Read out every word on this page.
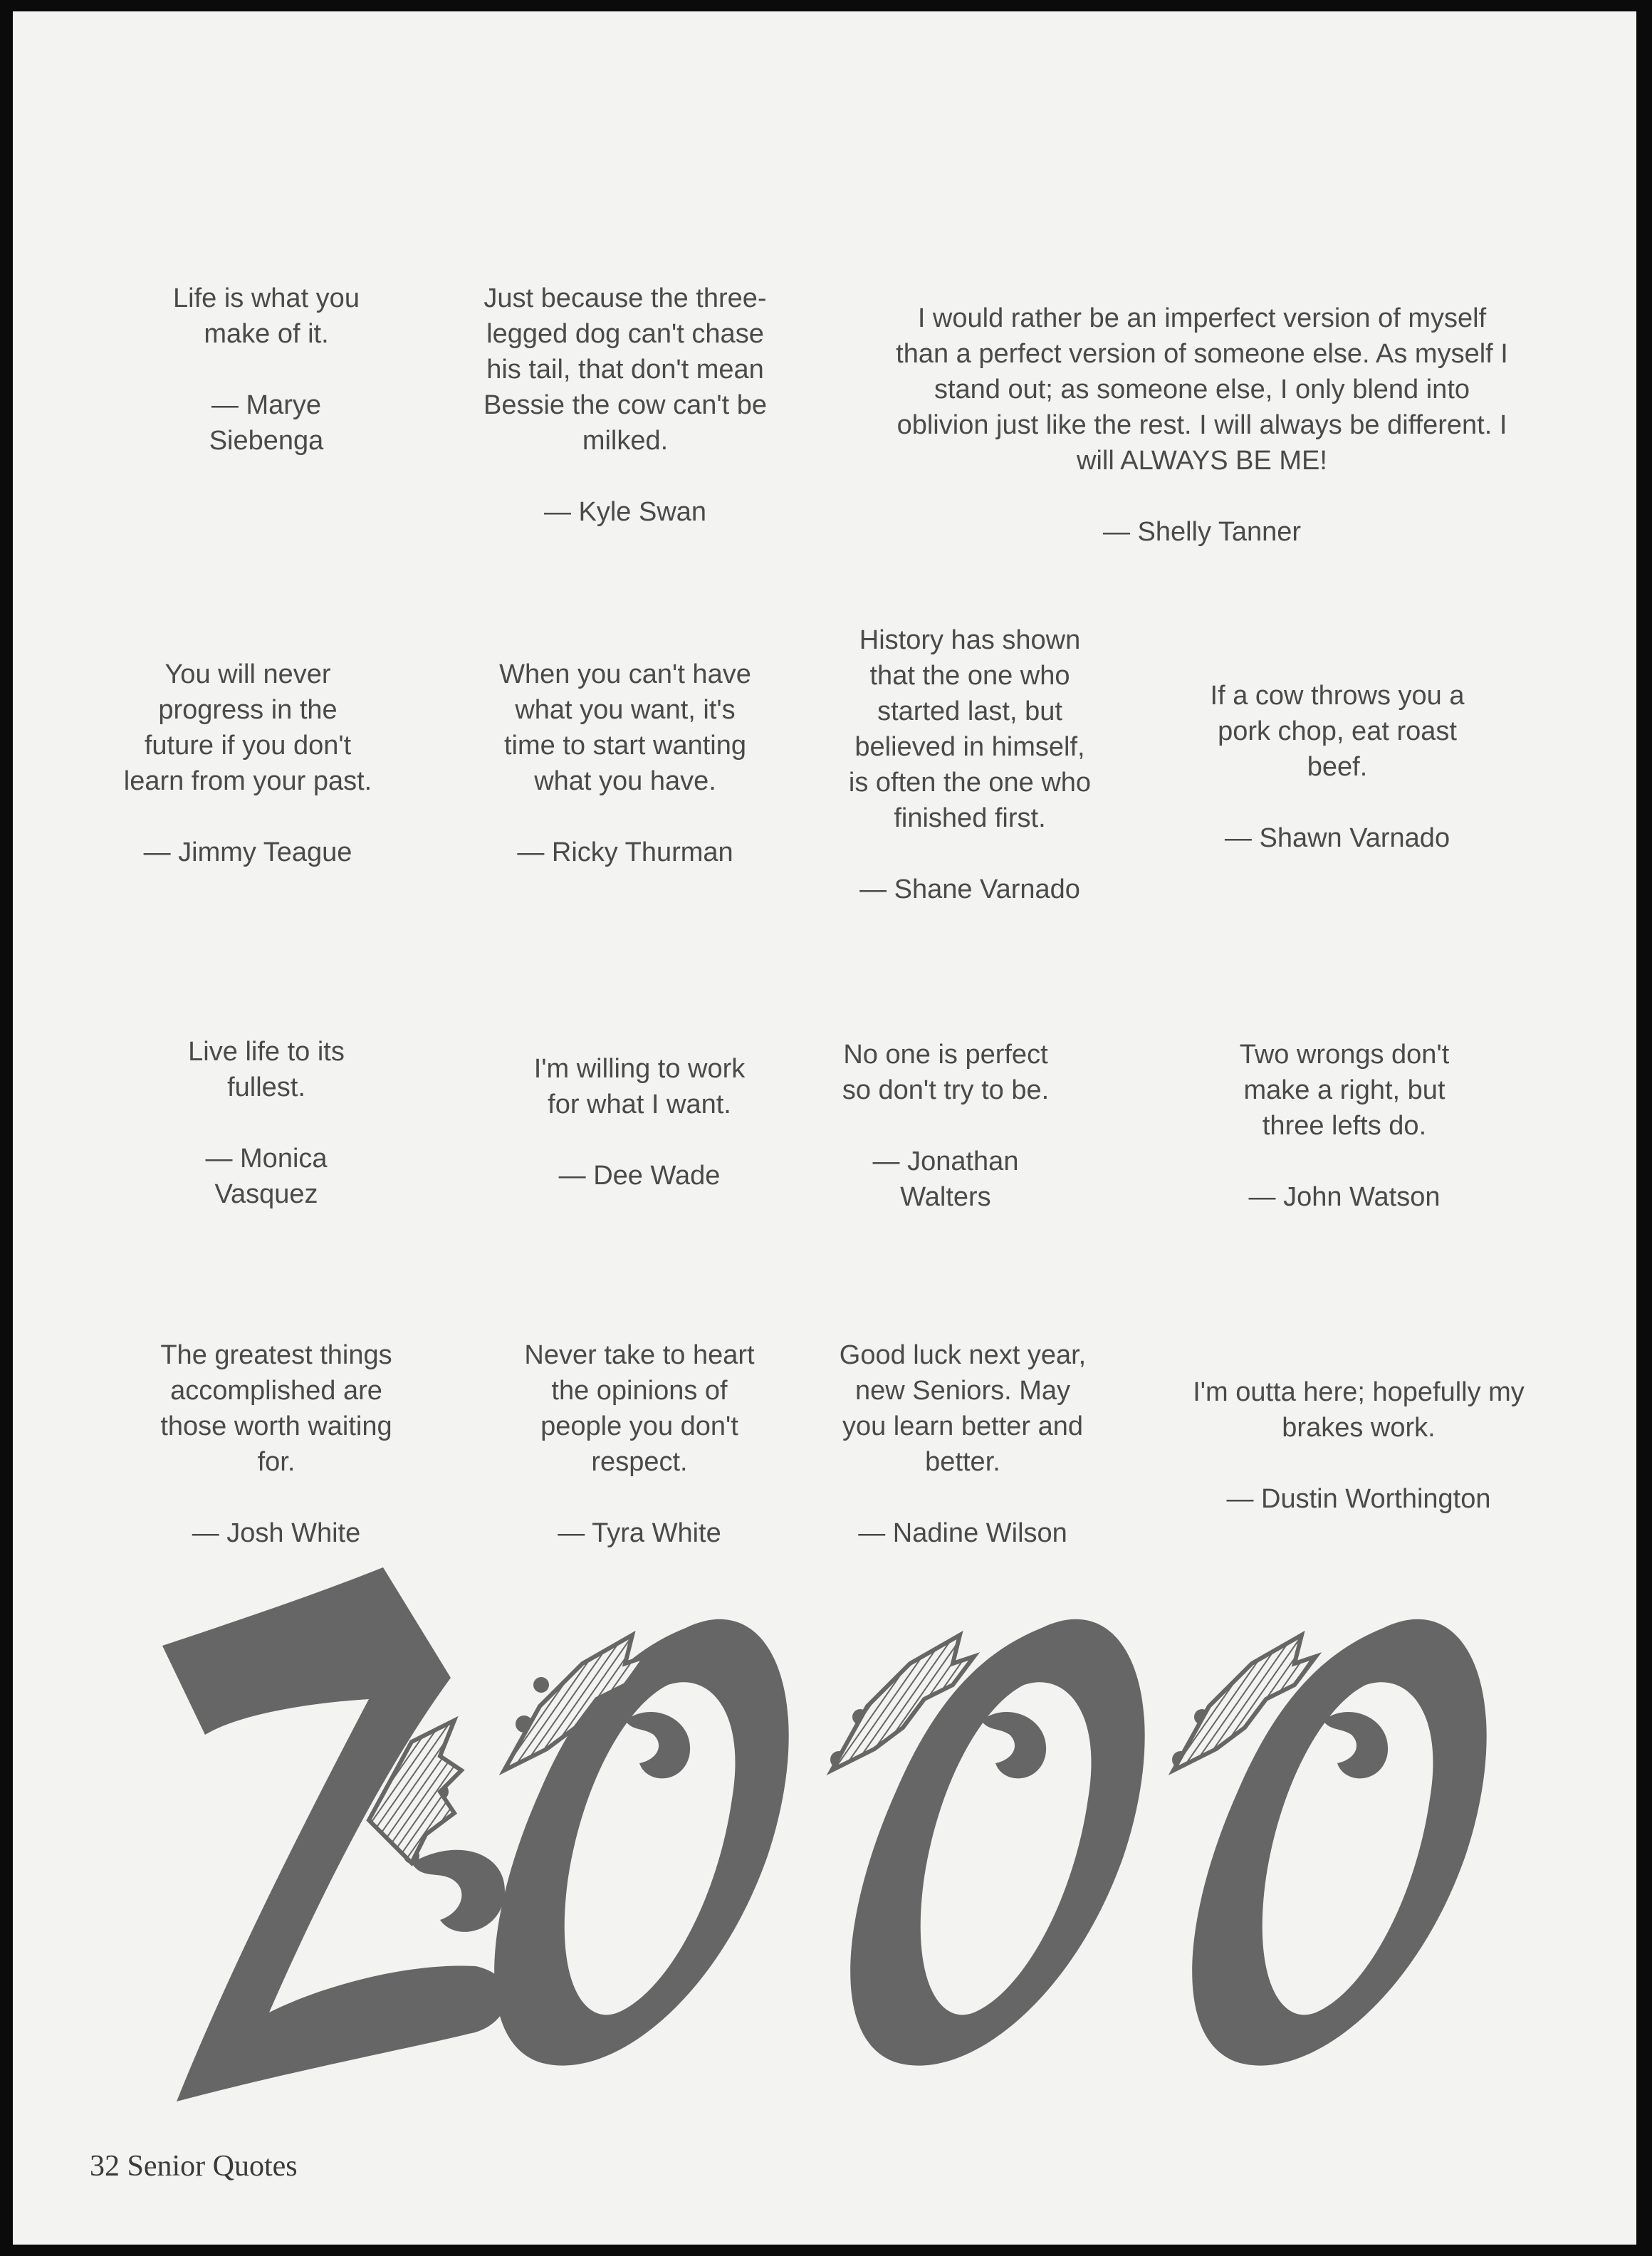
Life is what you
make of it.

— Marye
Siebenga

Just because the three-
legged dog can't chase
his tail, that don't mean
Bessie the cow can't be
milked.

— Kyle Swan

I would rather be an imperfect version of myself
than a perfect version of someone else. As myself I
stand out; as someone else, I only blend into
oblivion just like the rest. I will always be different. I
will ALWAYS BE ME!

— Shelly Tanner

You will never
progress in the
future if you don't
learn from your past.

— Jimmy Teague

When you can't have
what you want, it's
time to start wanting
what you have.

— Ricky Thurman

History has shown
that the one who
started last, but
believed in himself,
is often the one who
finished first.

— Shane Varnado

If a cow throws you a
pork chop, eat roast
beef.

— Shawn Varnado

Live life to its
fullest.

— Monica
Vasquez

I'm willing to work
for what I want.

— Dee Wade

No one is perfect
so don't try to be.

— Jonathan
Walters

Two wrongs don't
make a right, but
three lefts do.

— John Watson

The greatest things
accomplished are
those worth waiting
for.

— Josh White

Never take to heart
the opinions of
people you don't
respect.

— Tyra White

Good luck next year,
new Seniors. May
you learn better and
better.

— Nadine Wilson

I'm outta here; hopefully my
brakes work.

— Dustin Worthington

32 Senior Quotes
